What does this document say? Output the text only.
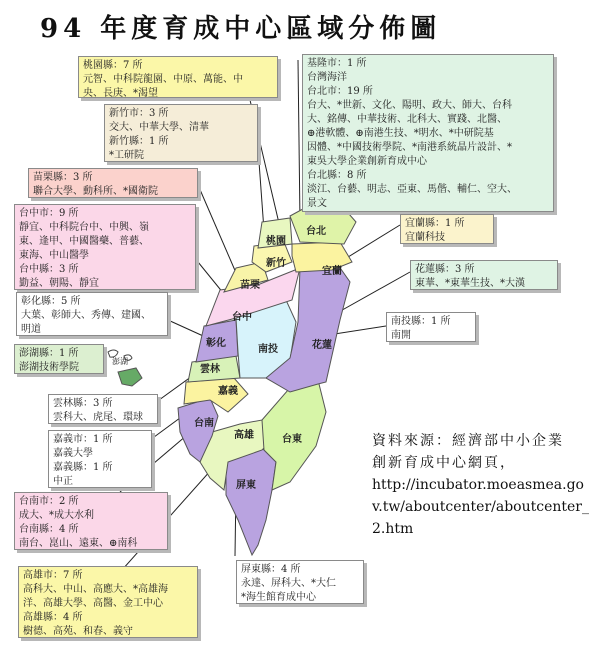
94 年度育成中心區域分佈圖
台北
桃園
新竹
宜蘭
苗栗
台中
彰化
南投	花蓮
雲林
嘉義
台南
高雄	台東
屏東
澎湖
桃園縣：7 所
元智、中科院龍園、中原、萬能、中
央、長庚、*渴望
新竹市：3 所
交大、中華大學、清華
新竹縣：1 所
*工研院
苗栗縣：3 所
聯合大學、動科所、*國衛院
台中市：9 所
靜宜、中科院台中、中興、嶺
東、逢甲、中國醫藥、普藝、
東海、中山醫學
台中縣：3 所
勤益、朝陽、靜宜
彰化縣：5 所
大葉、彰師大、秀傳、建國、
明道
澎湖縣：1 所
澎湖技術學院
雲林縣：3 所
雲科大、虎尾、環球
嘉義市：1 所
嘉義大學
嘉義縣：1 所
中正
台南市：2 所
成大、*成大水利
台南縣：4 所
南台、崑山、遠東、⊕南科
高雄市：7 所
高科大、中山、高應大、*高雄海
洋、高雄大學、高醫、金工中心
高雄縣：4 所
樹德、高苑、和春、義守
屏東縣：4 所
永達、屏科大、*大仁
*海生館育成中心
基隆市：1 所
台灣海洋
台北市：19 所
台大、*世新、文化、陽明、政大、師大、台科
大、銘傳、中華技術、北科大、實踐、北醫、
⊕港軟體、⊕南港生技、*明水、*中研院基
因體、*中國技術學院、*南港系統晶片設計、*
東吳大學企業創新育成中心
台北縣：8 所
淡江、台藝、明志、亞東、馬偕、輔仁、空大、
景文
宜蘭縣：1 所
宜蘭科技
花蓮縣：3 所
東華、*東華生技、*大漢
南投縣：1 所
南開
資料來源：經濟部中小企業
創新育成中心網頁，
http://incubator.moeasmea.go
v.tw/aboutcenter/aboutcenter_
2.htm
